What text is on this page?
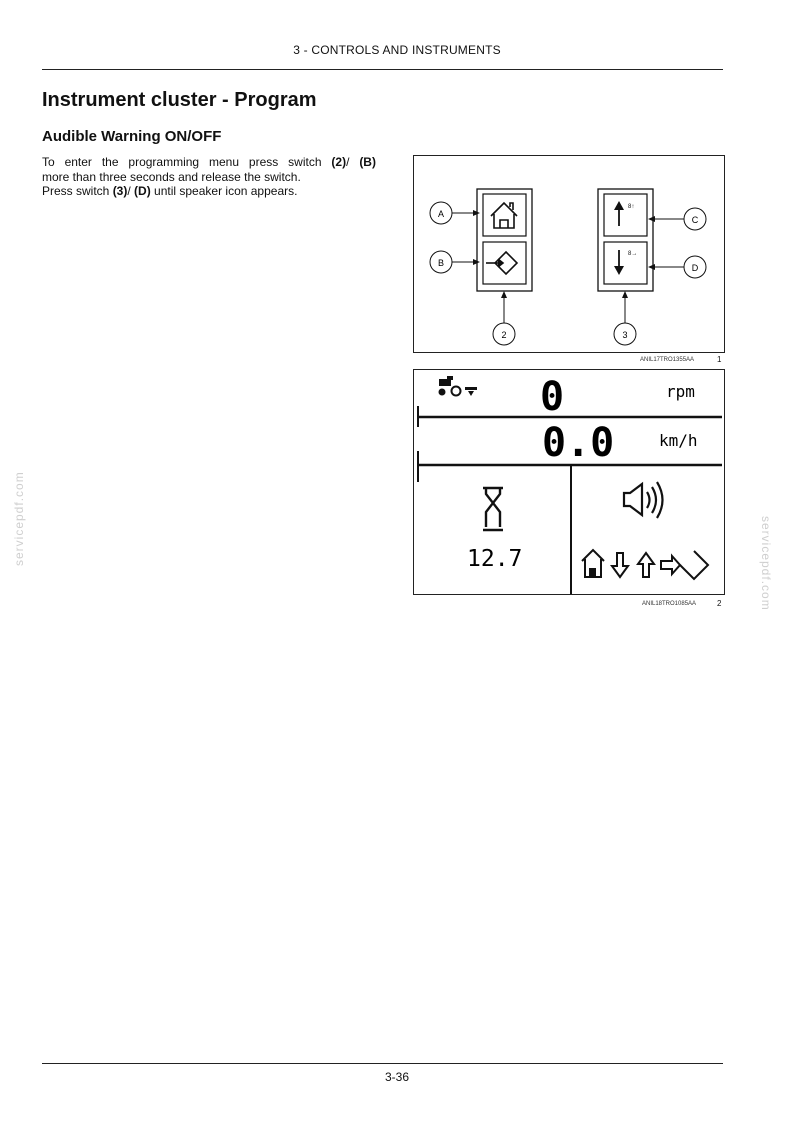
3 - CONTROLS AND INSTRUMENTS
Instrument cluster - Program
Audible Warning ON/OFF

To enter the programming menu press switch (2)/ (B)
more than three seconds and release the switch.
Press switch (3)/ (D) until speaker icon appears.

8↑
8→
A
B
C
D
2	3
ANIL17TRO1355AA	1
0	rpm
0.0	km/h
12.7
ANIL18TRO1085AA	2
servicepdf.com	servicepdf.com
3-36
